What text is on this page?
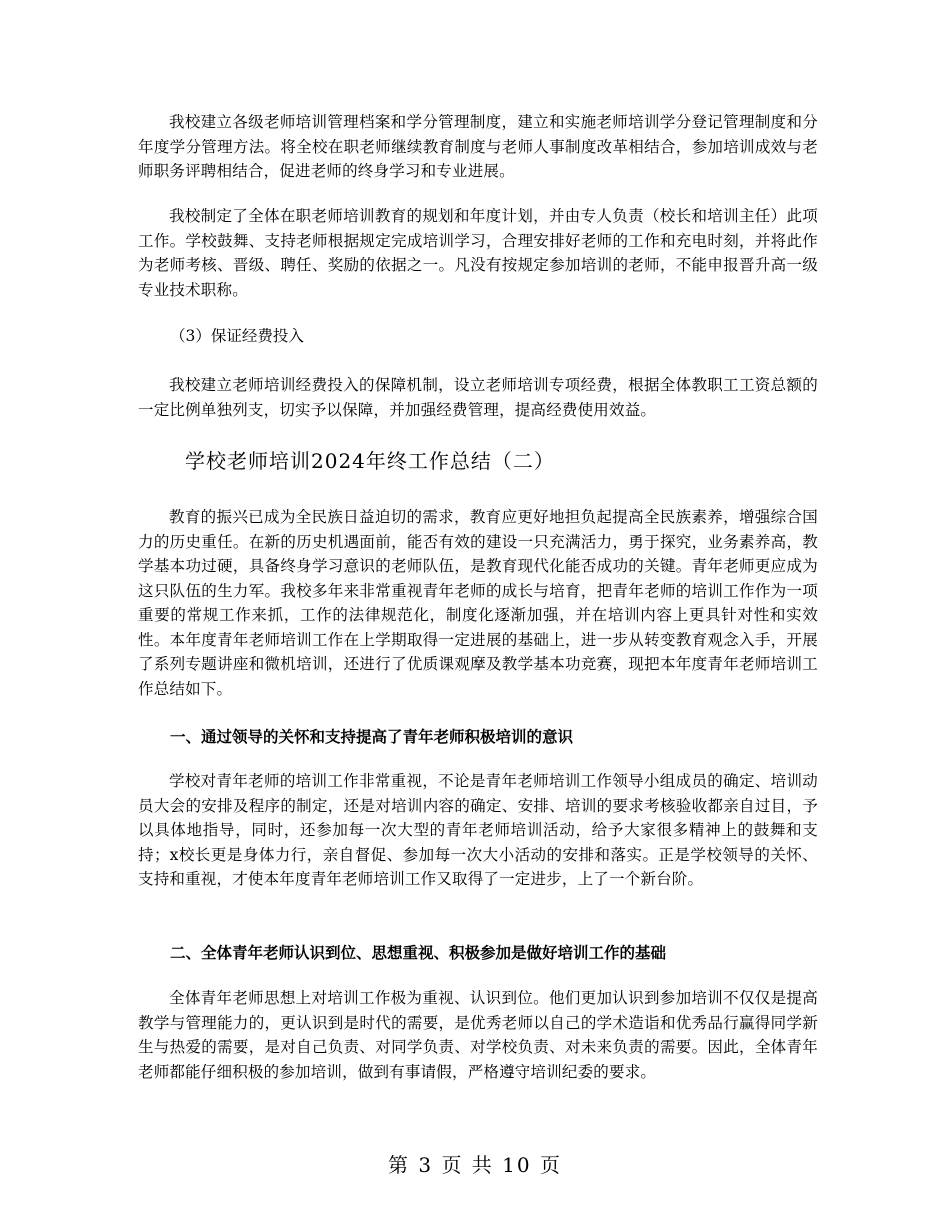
我校建立各级老师培训管理档案和学分管理制度，建立和实施老师培训学分登记管理制度和分年度学分管理方法。将全校在职老师继续教育制度与老师人事制度改革相结合，参加培训成效与老师职务评聘相结合，促进老师的终身学习和专业进展。

我校制定了全体在职老师培训教育的规划和年度计划，并由专人负责（校长和培训主任）此项工作。学校鼓舞、支持老师根据规定完成培训学习，合理安排好老师的工作和充电时刻，并将此作为老师考核、晋级、聘任、奖励的依据之一。凡没有按规定参加培训的老师，不能申报晋升高一级专业技术职称。

（3）保证经费投入

我校建立老师培训经费投入的保障机制，设立老师培训专项经费，根据全体教职工工资总额的一定比例单独列支，切实予以保障，并加强经费管理，提高经费使用效益。

学校老师培训2024年终工作总结（二）

教育的振兴已成为全民族日益迫切的需求，教育应更好地担负起提高全民族素养，增强综合国力的历史重任。在新的历史机遇面前，能否有效的建设一只充满活力，勇于探究，业务素养高，教学基本功过硬，具备终身学习意识的老师队伍，是教育现代化能否成功的关键。青年老师更应成为这只队伍的生力军。我校多年来非常重视青年老师的成长与培育，把青年老师的培训工作作为一项重要的常规工作来抓，工作的法律规范化，制度化逐渐加强，并在培训内容上更具针对性和实效性。本年度青年老师培训工作在上学期取得一定进展的基础上，进一步从转变教育观念入手，开展了系列专题讲座和微机培训，还进行了优质课观摩及教学基本功竞赛，现把本年度青年老师培训工作总结如下。

一、通过领导的关怀和支持提高了青年老师积极培训的意识

学校对青年老师的培训工作非常重视，不论是青年老师培训工作领导小组成员的确定、培训动员大会的安排及程序的制定，还是对培训内容的确定、安排、培训的要求考核验收都亲自过目，予以具体地指导，同时，还参加每一次大型的青年老师培训活动，给予大家很多精神上的鼓舞和支持；x校长更是身体力行，亲自督促、参加每一次大小活动的安排和落实。正是学校领导的关怀、支持和重视，才使本年度青年老师培训工作又取得了一定进步，上了一个新台阶。

二、全体青年老师认识到位、思想重视、积极参加是做好培训工作的基础

全体青年老师思想上对培训工作极为重视、认识到位。他们更加认识到参加培训不仅仅是提高教学与管理能力的，更认识到是时代的需要，是优秀老师以自己的学术造诣和优秀品行赢得同学新生与热爱的需要，是对自己负责、对同学负责、对学校负责、对未来负责的需要。因此，全体青年老师都能仔细积极的参加培训，做到有事请假，严格遵守培训纪委的要求。

第 3 页 共 10 页
